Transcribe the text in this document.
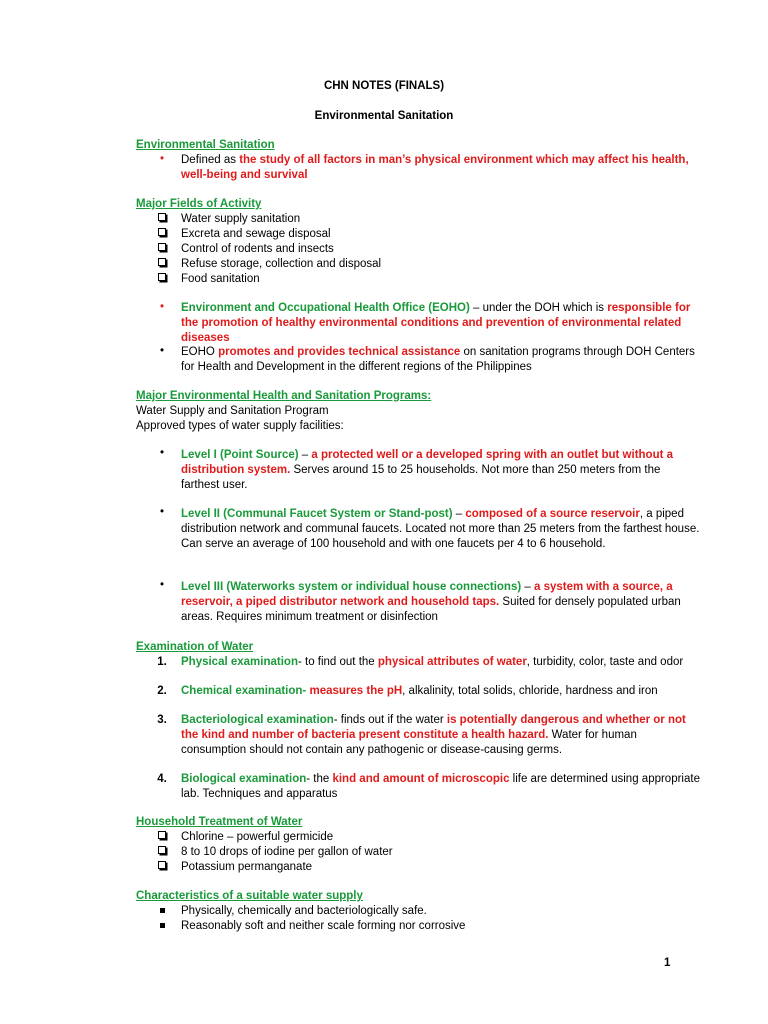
CHN NOTES (FINALS)
Environmental Sanitation
Environmental Sanitation
•	Defined as the study of all factors in man’s physical environment which may affect his health, well-being and survival
Major Fields of Activity
Water supply sanitation
Excreta and sewage disposal
Control of rodents and insects
Refuse storage, collection and disposal
Food sanitation
•	Environment and Occupational Health Office (EOHO) – under the DOH which is responsible for the promotion of healthy environmental conditions and prevention of environmental related diseases
•	EOHO promotes and provides technical assistance on sanitation programs through DOH Centers for Health and Development in the different regions of the Philippines
Major Environmental Health and Sanitation Programs:
Water Supply and Sanitation Program
Approved types of water supply facilities:
•	Level I (Point Source) – a protected well or a developed spring with an outlet but without a distribution system. Serves around 15 to 25 households. Not more than 250 meters from the farthest user.
•	Level II (Communal Faucet System or Stand-post) – composed of a source reservoir, a piped distribution network and communal faucets. Located not more than 25 meters from the farthest house. Can serve an average of 100 household and with one faucets per 4 to 6 household.
•	Level III (Waterworks system or individual house connections) – a system with a source, a reservoir, a piped distributor network and household taps. Suited for densely populated urban areas. Requires minimum treatment or disinfection
Examination of Water
1. Physical examination- to find out the physical attributes of water, turbidity, color, taste and odor
2. Chemical examination- measures the pH, alkalinity, total solids, chloride, hardness and iron
3. Bacteriological examination- finds out if the water is potentially dangerous and whether or not the kind and number of bacteria present constitute a health hazard. Water for human consumption should not contain any pathogenic or disease-causing germs.
4. Biological examination- the kind and amount of microscopic life are determined using appropriate lab. Techniques and apparatus
Household Treatment of Water
Chlorine – powerful germicide
8 to 10 drops of iodine per gallon of water
Potassium permanganate
Characteristics of a suitable water supply
Physically, chemically and bacteriologically safe.
Reasonably soft and neither scale forming nor corrosive
1
